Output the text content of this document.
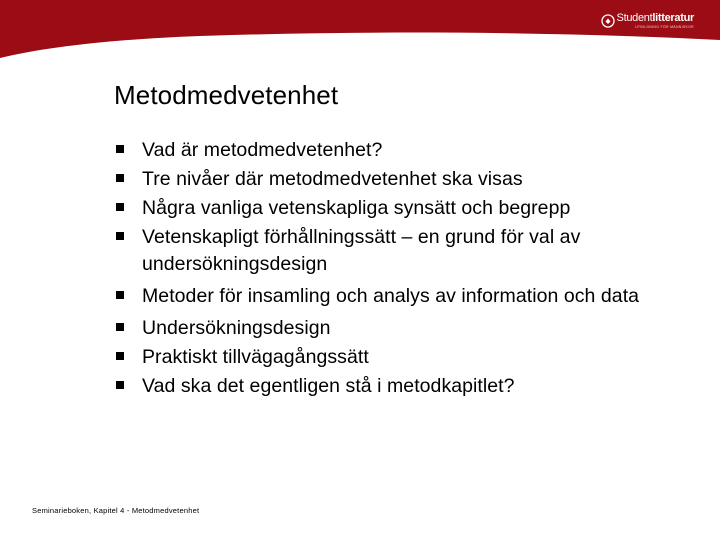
Studentlitteratur
UTBILDNING FÖR MÄNNISKOR
Metodmedvetenhet
Vad är metodmedvetenhet?
Tre nivåer där metodmedvetenhet ska visas
Några vanliga vetenskapliga synsätt och begrepp
Vetenskapligt förhållningssätt – en grund för val av undersökningsdesign
Metoder för insamling och analys av information och data
Undersökningsdesign
Praktiskt tillvägagångssätt
Vad ska det egentligen stå i metodkapitlet?
Seminarieboken, Kapitel 4 - Metodmedvetenhet
